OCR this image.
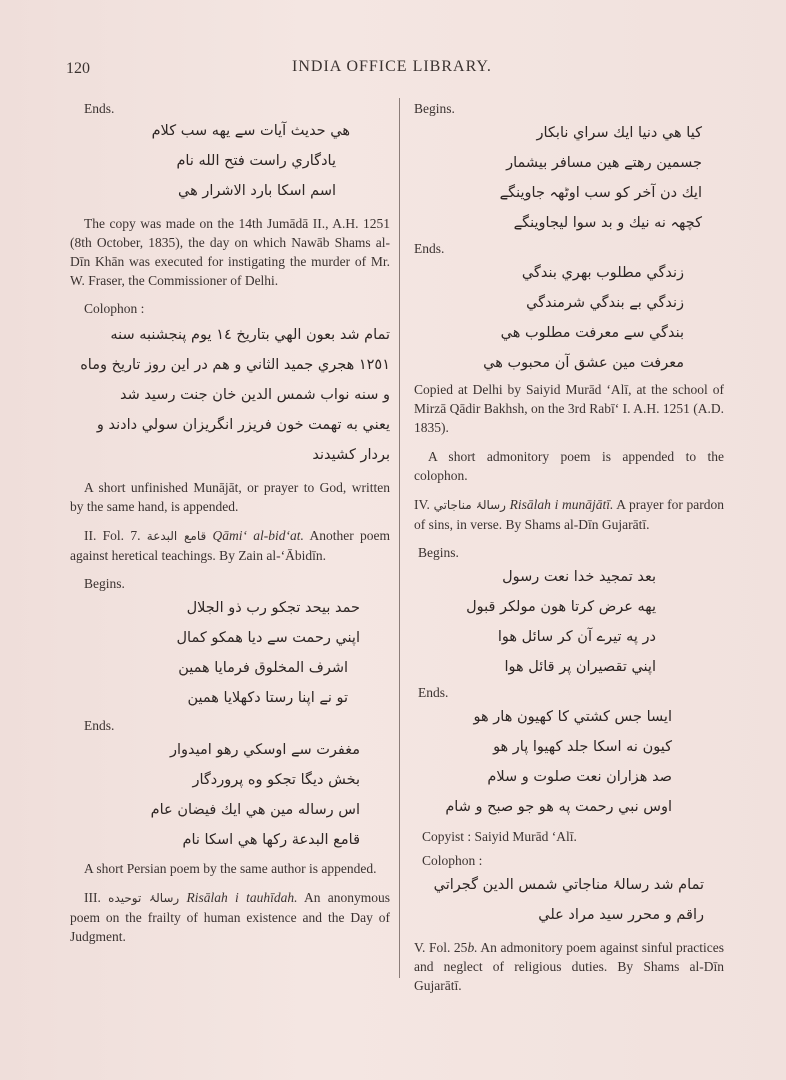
120	INDIA OFFICE LIBRARY.
Ends.
هي حديث آيات سے يهه سب كلام
يادگاري راست فتح الله نام
اسم اسكا بارد الاشرار هي

The copy was made on the 14th Jumādā II., A.H. 1251 (8th October, 1835), the day on which Nawāb Shams al-Dīn Khān was executed for instigating the murder of Mr. W. Fraser, the Commissioner of Delhi.

Colophon :
تمام شد بعون الهي بتاريخ ١٤ يوم پنجشنبه سنه
١٢٥١ هجري جميد الثاني و هم در اين روز تاريخ وماه
و سنه نواب شمس الدين خان جنت رسيد شد
يعني به تهمت خون فريزر انگريزان سولي دادند و
بردار كشيدند

A short unfinished Munājāt, or prayer to God, written by the same hand, is appended.

II. Fol. 7. قامع البدعة Qāmi‘ al-bid‘at. Another poem against heretical teachings. By Zain al-‘Ābidīn.

Begins.
حمد بيحد تجكو رب ذو الجلال
اپني رحمت سے ديا همكو كمال
اشرف المخلوق فرمايا همين
تو نے اپنا رستا دكهلايا همين
Ends.
مغفرت سے اوسكي رهو اميدوار
بخش ديگا تجكو وه پروردگار
اس رساله مين هي ايك فيضان عام
قامع البدعة ركها هي اسكا نام

A short Persian poem by the same author is appended.

III. رسالۂ توحيده Risālah i tauhīdah. An anonymous poem on the frailty of human existence and the Day of Judgment.

Begins.
كيا هي دنيا ايك سراي نابكار
جسمين رهتے هين مسافر بيشمار
ايك دن آخر كو سب اوٹهہ جاوينگے
كچهہ نه نيك و بد سوا ليجاوينگے
Ends.
زندگي مطلوب بهري بندگي
زندگي بے بندگي شرمندگي
بندگي سے معرفت مطلوب هي
معرفت مين عشق آن محبوب هي

Copied at Delhi by Saiyid Murād ‘Alī, at the school of Mirzā Qādir Bakhsh, on the 3rd Rabī‘ I. A.H. 1251 (A.D. 1835).

A short admonitory poem is appended to the colophon.

IV. رسالۂ مناجاتي Risālah i munājātī. A prayer for pardon of sins, in verse. By Shams al-Dīn Gujarātī.

Begins.
بعد تمجيد خدا نعت رسول
يهه عرض كرتا هون مولكر قبول
در په تيرے آن كر سائل هوا
اپني تقصيران پر قائل هوا
Ends.
ايسا جس كشتي كا كهيون هار هو
كيون نه اسكا جلد كهيوا پار هو
صد هزاران نعت صلوت و سلام
اوس نبي رحمت په هو جو صبح و شام
Copyist : Saiyid Murād ‘Alī.
Colophon :
تمام شد رسالۂ مناجاتي شمس الدين گجراتي
راقم و محرر سيد مراد علي

V. Fol. 25b. An admonitory poem against sinful practices and neglect of religious duties. By Shams al-Dīn Gujarātī.
